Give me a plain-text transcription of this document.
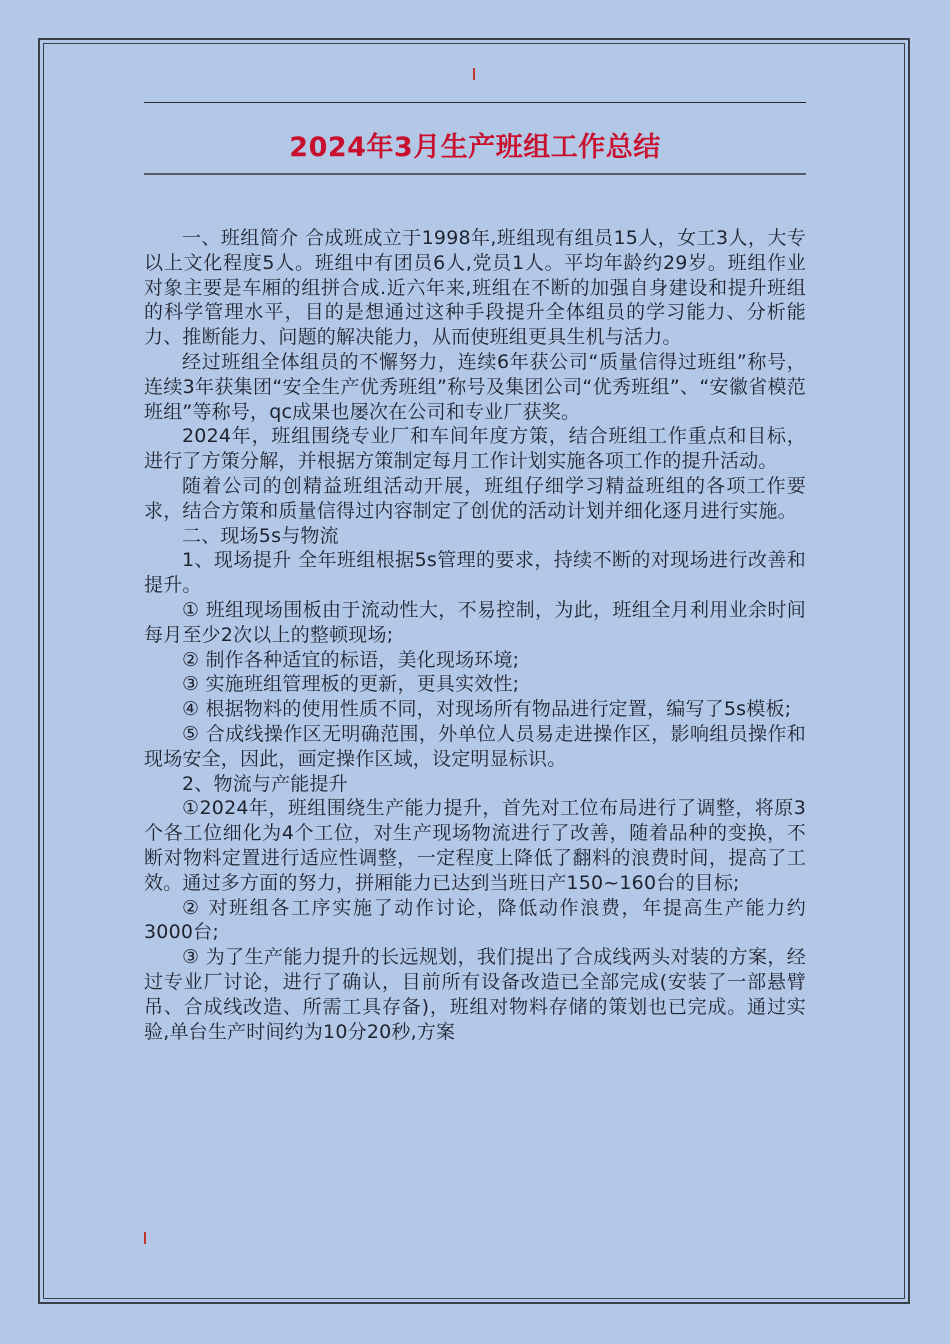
2024年3月生产班组工作总结

一、班组简介 合成班成立于1998年,班组现有组员15人，女工3人，大专以上文化程度5人。班组中有团员6人,党员1人。平均年龄约29岁。班组作业对象主要是车厢的组拼合成.近六年来,班组在不断的加强自身建设和提升班组的科学管理水平，目的是想通过这种手段提升全体组员的学习能力、分析能力、推断能力、问题的解决能力，从而使班组更具生机与活力。

经过班组全体组员的不懈努力，连续6年获公司“质量信得过班组”称号，连续3年获集团“安全生产优秀班组”称号及集团公司“优秀班组”、“安徽省模范班组”等称号，qc成果也屡次在公司和专业厂获奖。

2024年，班组围绕专业厂和车间年度方策，结合班组工作重点和目标，进行了方策分解，并根据方策制定每月工作计划实施各项工作的提升活动。

随着公司的创精益班组活动开展，班组仔细学习精益班组的各项工作要求，结合方策和质量信得过内容制定了创优的活动计划并细化逐月进行实施。

二、现场5s与物流

1、现场提升 全年班组根据5s管理的要求，持续不断的对现场进行改善和提升。

① 班组现场围板由于流动性大，不易控制，为此，班组全月利用业余时间每月至少2次以上的整顿现场;

② 制作各种适宜的标语，美化现场环境;

③ 实施班组管理板的更新，更具实效性;

④ 根据物料的使用性质不同，对现场所有物品进行定置，编写了5s模板;

⑤ 合成线操作区无明确范围，外单位人员易走进操作区，影响组员操作和现场安全，因此，画定操作区域，设定明显标识。

2、物流与产能提升

①2024年，班组围绕生产能力提升，首先对工位布局进行了调整，将原3个各工位细化为4个工位，对生产现场物流进行了改善，随着品种的变换，不断对物料定置进行适应性调整，一定程度上降低了翻料的浪费时间，提高了工效。通过多方面的努力，拼厢能力已达到当班日产150~160台的目标;

② 对班组各工序实施了动作讨论，降低动作浪费，年提高生产能力约3000台;

③ 为了生产能力提升的长远规划，我们提出了合成线两头对装的方案，经过专业厂讨论，进行了确认，目前所有设备改造已全部完成(安装了一部悬臂吊、合成线改造、所需工具存备)，班组对物料存储的策划也已完成。通过实验,单台生产时间约为10分20秒,方案
